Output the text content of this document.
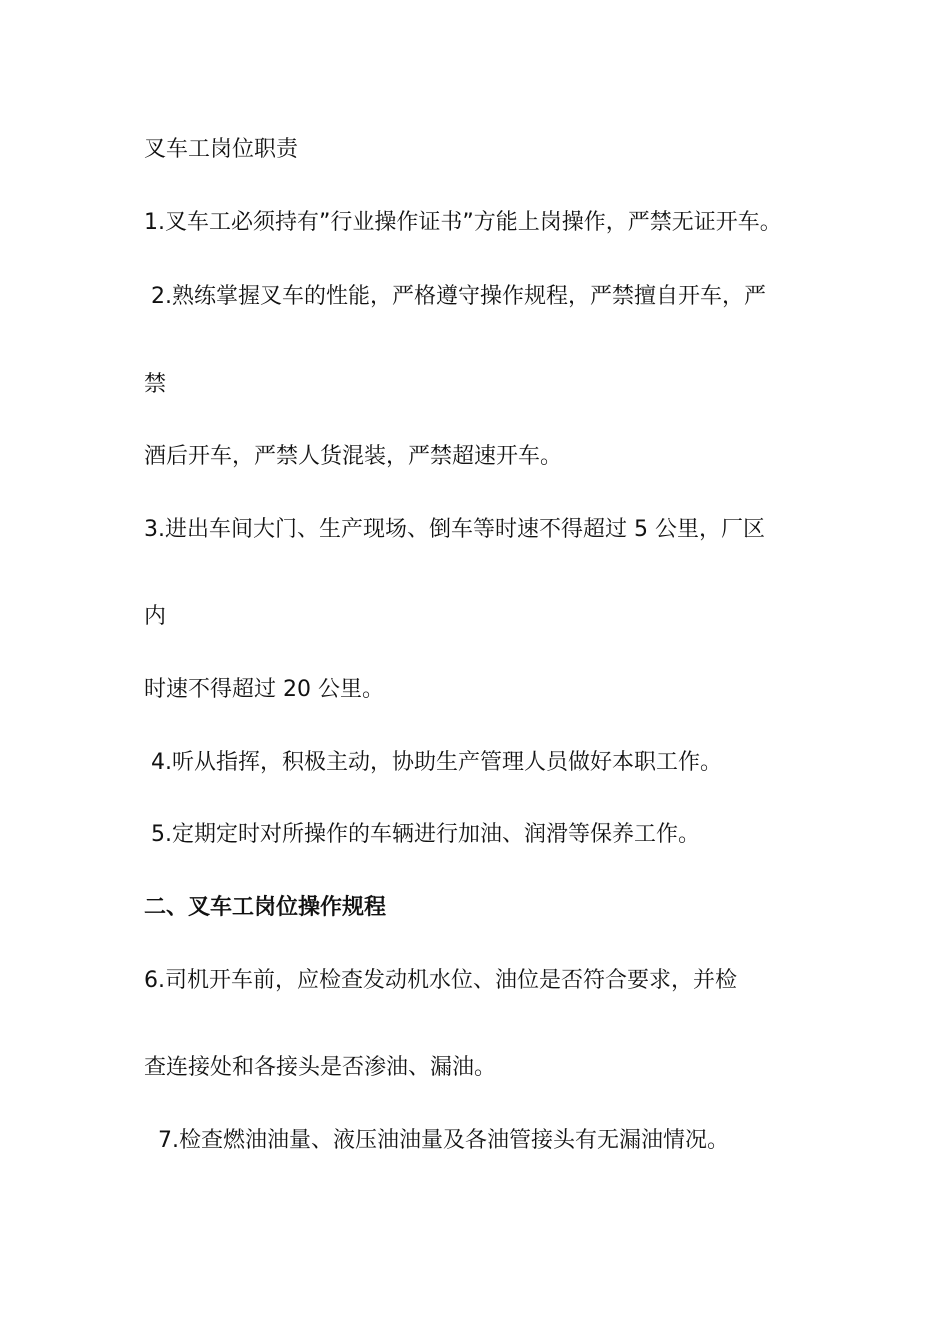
叉车工岗位职责
1.叉车工必须持有”行业操作证书”方能上岗操作，严禁无证开车。
2.熟练掌握叉车的性能，严格遵守操作规程，严禁擅自开车，严
禁
酒后开车，严禁人货混装，严禁超速开车。
3.进出车间大门、生产现场、倒车等时速不得超过 5 公里，厂区
内
时速不得超过 20 公里。
4.听从指挥，积极主动，协助生产管理人员做好本职工作。
5.定期定时对所操作的车辆进行加油、润滑等保养工作。
二、叉车工岗位操作规程
6.司机开车前，应检查发动机水位、油位是否符合要求，并检
查连接处和各接头是否渗油、漏油。
7.检查燃油油量、液压油油量及各油管接头有无漏油情况。
